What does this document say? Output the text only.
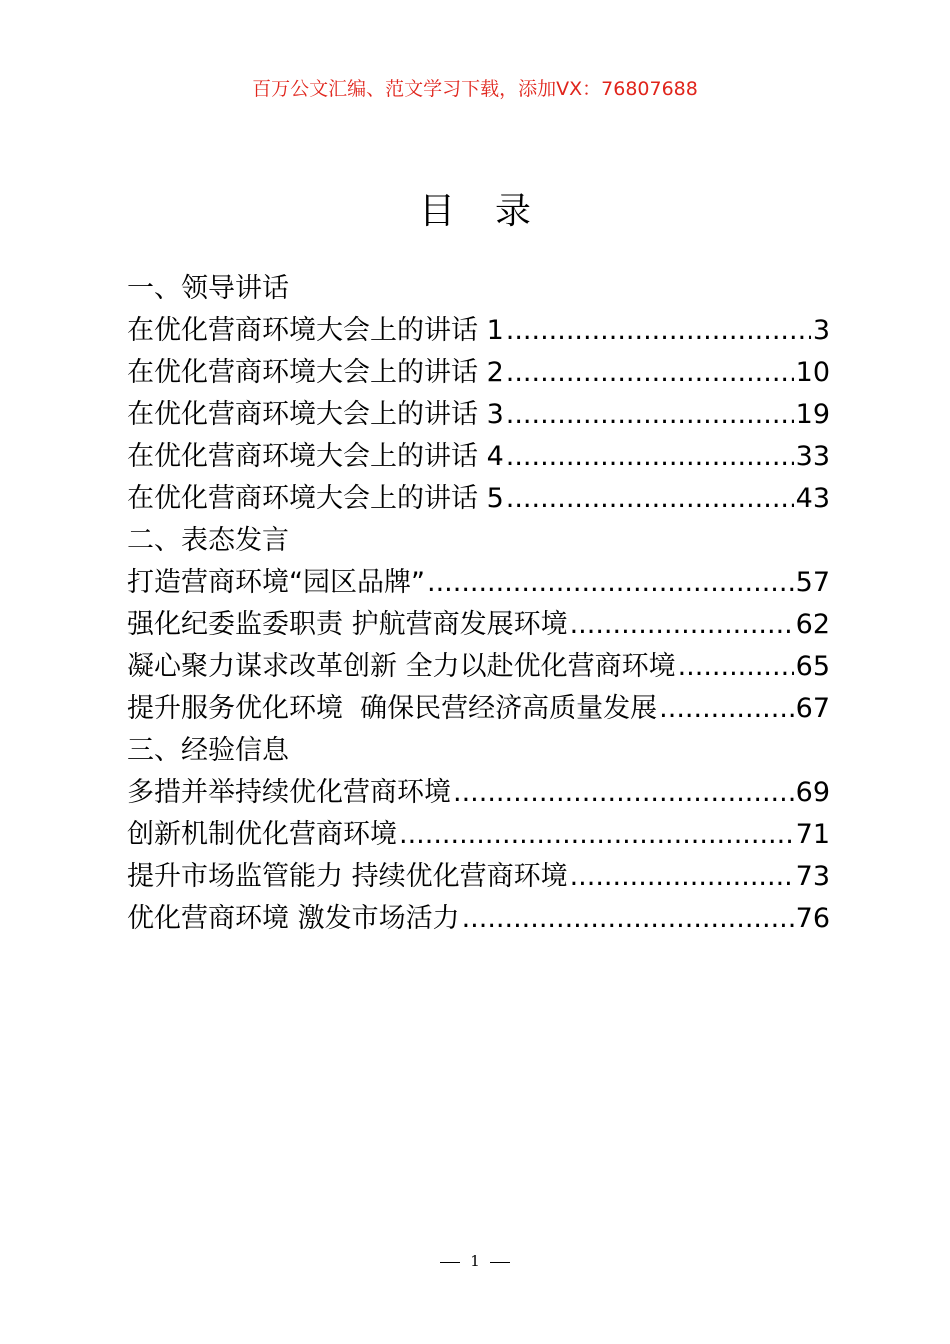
百万公文汇编、范文学习下载，添加VX：76807688
目录
一、领导讲话
在优化营商环境大会上的讲话 1 .....	3
在优化营商环境大会上的讲话 2 .....	10
在优化营商环境大会上的讲话 3 .....	19
在优化营商环境大会上的讲话 4 .....	33
在优化营商环境大会上的讲话 5 .....	43
二、表态发言
打造营商环境“园区品牌” .....	57
强化纪委监委职责 护航营商发展环境 .....	62
凝心聚力谋求改革创新 全力以赴优化营商环境 .....	65
提升服务优化环境  确保民营经济高质量发展 .....	67
三、经验信息
多措并举持续优化营商环境 .....	69
创新机制优化营商环境 .....	71
提升市场监管能力 持续优化营商环境 .....	73
优化营商环境 激发市场活力 .....	76
1
